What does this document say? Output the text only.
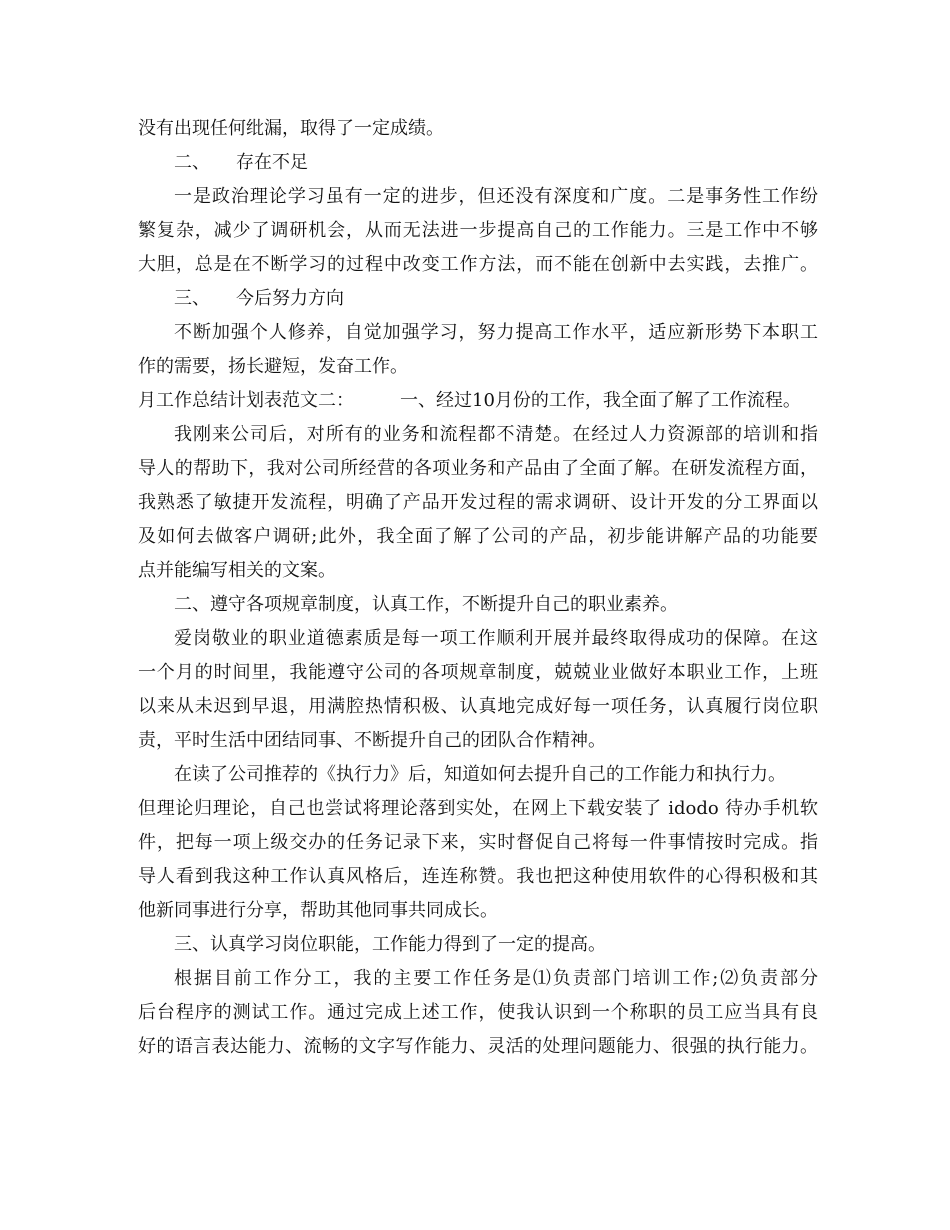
没有出现任何纰漏，取得了一定成绩。
二、 存在不足
一是政治理论学习虽有一定的进步，但还没有深度和广度。二是事务性工作纷
繁复杂，减少了调研机会，从而无法进一步提高自己的工作能力。三是工作中不够
大胆，总是在不断学习的过程中改变工作方法，而不能在创新中去实践，去推广。
三、 今后努力方向
不断加强个人修养，自觉加强学习，努力提高工作水平，适应新形势下本职工
作的需要，扬长避短，发奋工作。
月工作总结计划表范文二：	一、经过10月份的工作，我全面了解了工作流程。
我刚来公司后，对所有的业务和流程都不清楚。在经过人力资源部的培训和指
导人的帮助下，我对公司所经营的各项业务和产品由了全面了解。在研发流程方面，
我熟悉了敏捷开发流程，明确了产品开发过程的需求调研、设计开发的分工界面以
及如何去做客户调研;此外，我全面了解了公司的产品，初步能讲解产品的功能要
点并能编写相关的文案。
二、遵守各项规章制度，认真工作，不断提升自己的职业素养。
爱岗敬业的职业道德素质是每一项工作顺利开展并最终取得成功的保障。在这
一个月的时间里，我能遵守公司的各项规章制度，兢兢业业做好本职业工作，上班
以来从未迟到早退，用满腔热情积极、认真地完成好每一项任务，认真履行岗位职
责，平时生活中团结同事、不断提升自己的团队合作精神。
在读了公司推荐的《执行力》后，知道如何去提升自己的工作能力和执行力。
但理论归理论，自己也尝试将理论落到实处，在网上下载安装了 idodo 待办手机软
件，把每一项上级交办的任务记录下来，实时督促自己将每一件事情按时完成。指
导人看到我这种工作认真风格后，连连称赞。我也把这种使用软件的心得积极和其
他新同事进行分享，帮助其他同事共同成长。
三、认真学习岗位职能，工作能力得到了一定的提高。
根据目前工作分工，我的主要工作任务是⑴负责部门培训工作;⑵负责部分
后台程序的测试工作。通过完成上述工作，使我认识到一个称职的员工应当具有良
好的语言表达能力、流畅的文字写作能力、灵活的处理问题能力、很强的执行能力。
